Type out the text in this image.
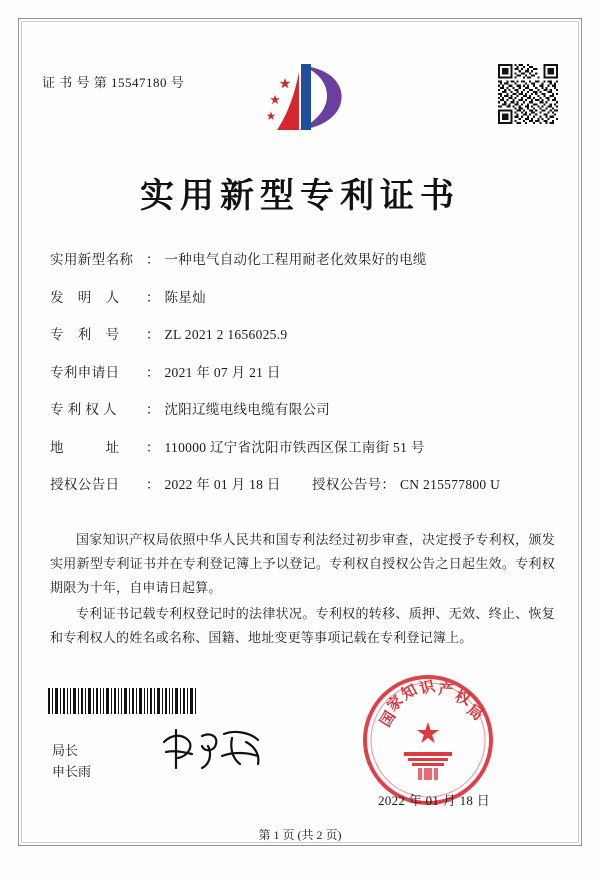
证 书 号 第 15547180 号
实用新型专利证书
实用新型名称 ： 一种电气自动化工程用耐老化效果好的电缆
发　明　人	： 陈星灿
专　利　号	： ZL 2021 2 1656025.9
专利申请日	： 2021 年 07 月 21 日
专 利 权 人	： 沈阳辽缆电线电缆有限公司
地　　　址	： 110000 辽宁省沈阳市铁西区保工南街 51 号
授权公告日	： 2022 年 01 月 18 日	授权公告号 ： CN 215577800 U

国家知识产权局依照中华人民共和国专利法经过初步审查，决定授予专利权，颁发实用新型专利证书并在专利登记簿上予以登记。专利权自授权公告之日起生效。专利权期限为十年，自申请日起算。

专利证书记载专利权登记时的法律状况。专利权的转移、质押、无效、终止、恢复和专利权人的姓名或名称、国籍、地址变更等事项记载在专利登记簿上。

国
家
知
识 产
权
局
局长
申长雨
2022 年 01 月 18 日
第 1 页 (共 2 页)
